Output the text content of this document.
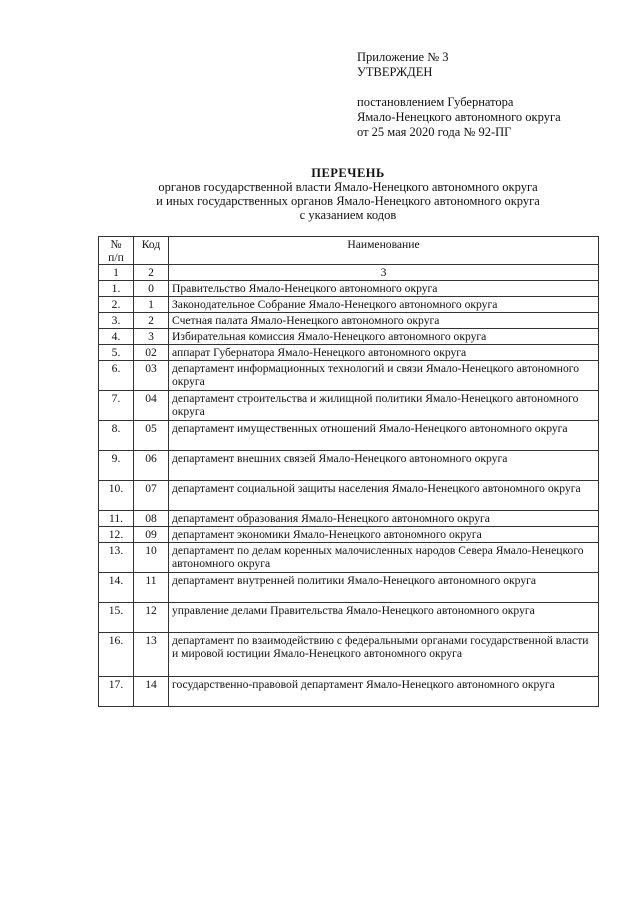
Приложение № 3
УТВЕРЖДЕН
постановлением Губернатора
Ямало-Ненецкого автономного округа
от 25 мая 2020 года № 92-ПГ
ПЕРЕЧЕНЬ
органов государственной власти Ямало-Ненецкого автономного округа
и иных государственных органов Ямало-Ненецкого автономного округа
с указанием кодов
№
п/п	Код	Наименование
1	2	3
1.	0	Правительство Ямало-Ненецкого автономного округа
2.	1	Законодательное Собрание Ямало-Ненецкого автономного округа
3.	2	Счетная палата Ямало-Ненецкого автономного округа
4.	3	Избирательная комиссия Ямало-Ненецкого автономного округа
5.	02	аппарат Губернатора Ямало-Ненецкого автономного округа
6.	03	департамент информационных технологий и связи Ямало-Ненецкого автономного округа
7.	04	департамент строительства и жилищной политики Ямало-Ненецкого автономного округа
8.	05	департамент имущественных отношений Ямало-Ненецкого автономного округа
9.	06	департамент внешних связей Ямало-Ненецкого автономного округа
10.	07	департамент социальной защиты населения Ямало-Ненецкого автономного округа
11.	08	департамент образования Ямало-Ненецкого автономного округа
12.	09	департамент экономики Ямало-Ненецкого автономного округа
13.	10	департамент по делам коренных малочисленных народов Севера Ямало-Ненецкого автономного округа
14.	11	департамент внутренней политики Ямало-Ненецкого автономного округа
15.	12	управление делами Правительства Ямало-Ненецкого автономного округа
16.	13	департамент по взаимодействию с федеральными органами государственной власти и мировой юстиции Ямало-Ненецкого автономного округа
17.	14	государственно-правовой департамент Ямало-Ненецкого автономного округа
